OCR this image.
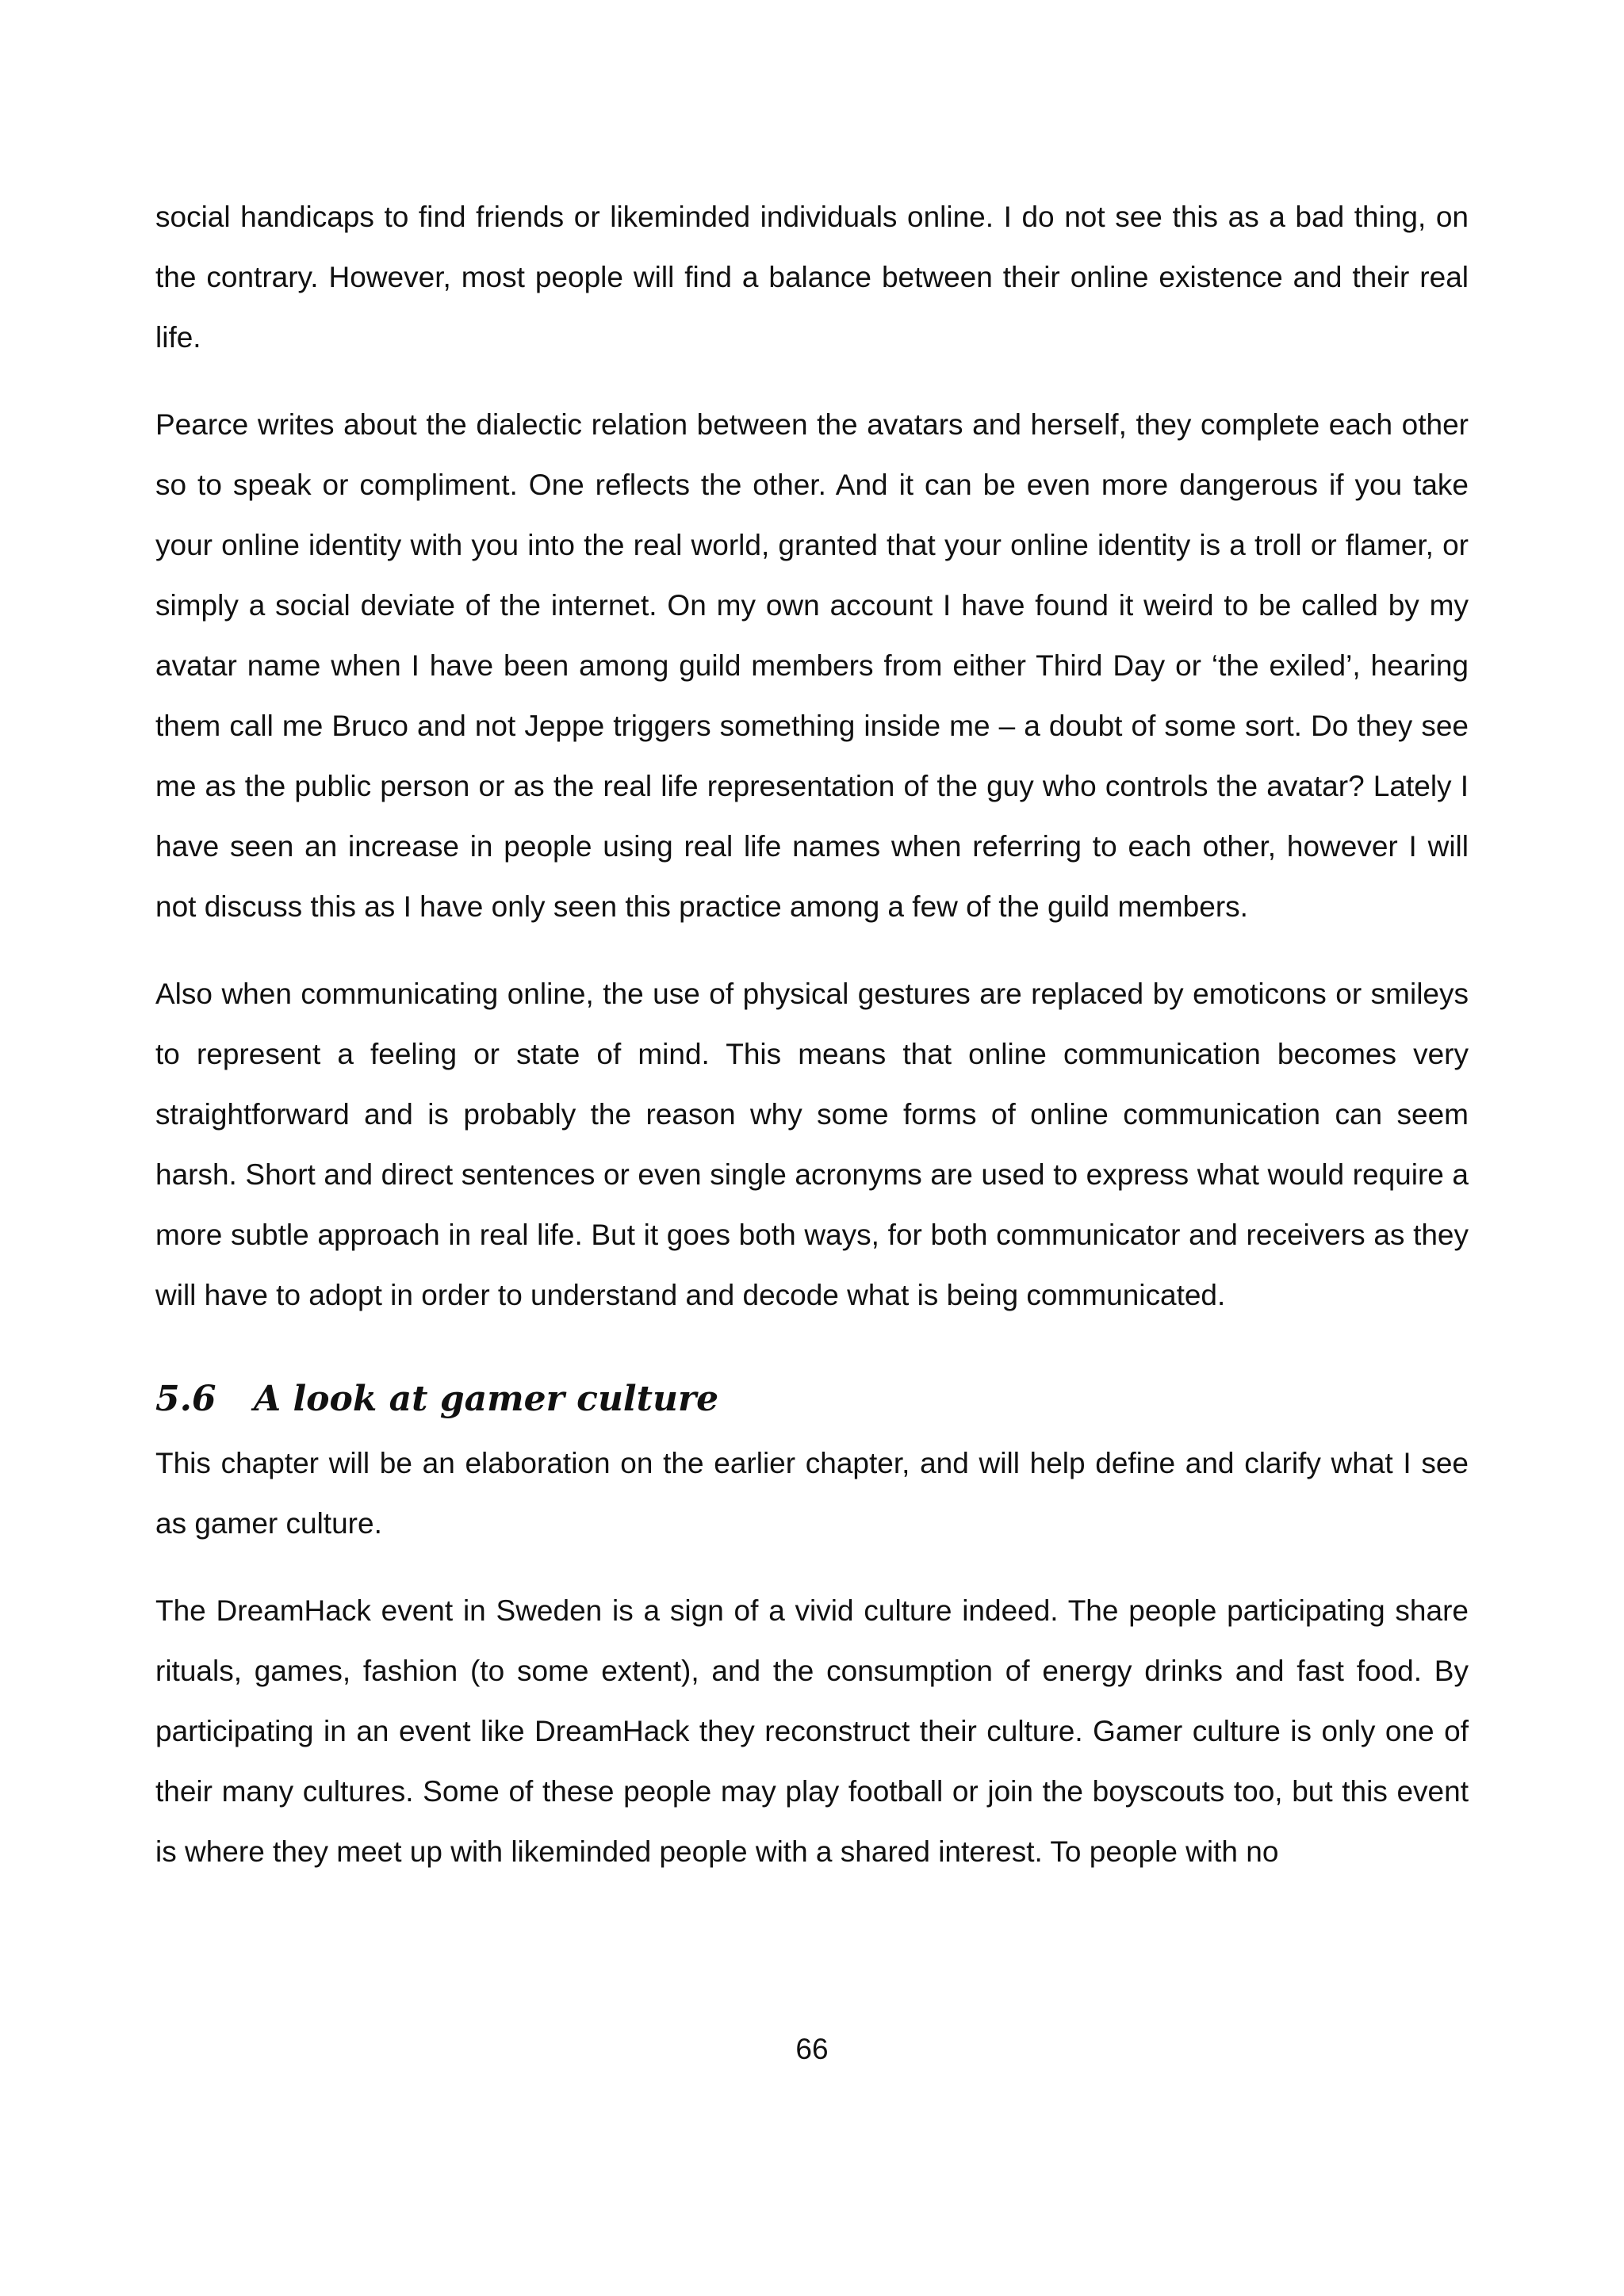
social handicaps to find friends or likeminded individuals online. I do not see this as a bad thing, on the contrary. However, most people will find a balance between their online existence and their real life.

Pearce writes about the dialectic relation between the avatars and herself, they complete each other so to speak or compliment. One reflects the other. And it can be even more dangerous if you take your online identity with you into the real world, granted that your online identity is a troll or flamer, or simply a social deviate of the internet. On my own account I have found it weird to be called by my avatar name when I have been among guild members from either Third Day or ‘the exiled’, hearing them call me Bruco and not Jeppe triggers something inside me – a doubt of some sort. Do they see me as the public person or as the real life representation of the guy who controls the avatar? Lately I have seen an increase in people using real life names when referring to each other, however I will not discuss this as I have only seen this practice among a few of the guild members.

Also when communicating online, the use of physical gestures are replaced by emoticons or smileys to represent a feeling or state of mind. This means that online communication becomes very straightforward and is probably the reason why some forms of online communication can seem harsh. Short and direct sentences or even single acronyms are used to express what would require a more subtle approach in real life. But it goes both ways, for both communicator and receivers as they will have to adopt in order to understand and decode what is being communicated.

5.6 A look at gamer culture

This chapter will be an elaboration on the earlier chapter, and will help define and clarify what I see as gamer culture.

The DreamHack event in Sweden is a sign of a vivid culture indeed. The people participating share rituals, games, fashion (to some extent), and the consumption of energy drinks and fast food. By participating in an event like DreamHack they reconstruct their culture. Gamer culture is only one of their many cultures. Some of these people may play football or join the boyscouts too, but this event is where they meet up with likeminded people with a shared interest. To people with no

66
